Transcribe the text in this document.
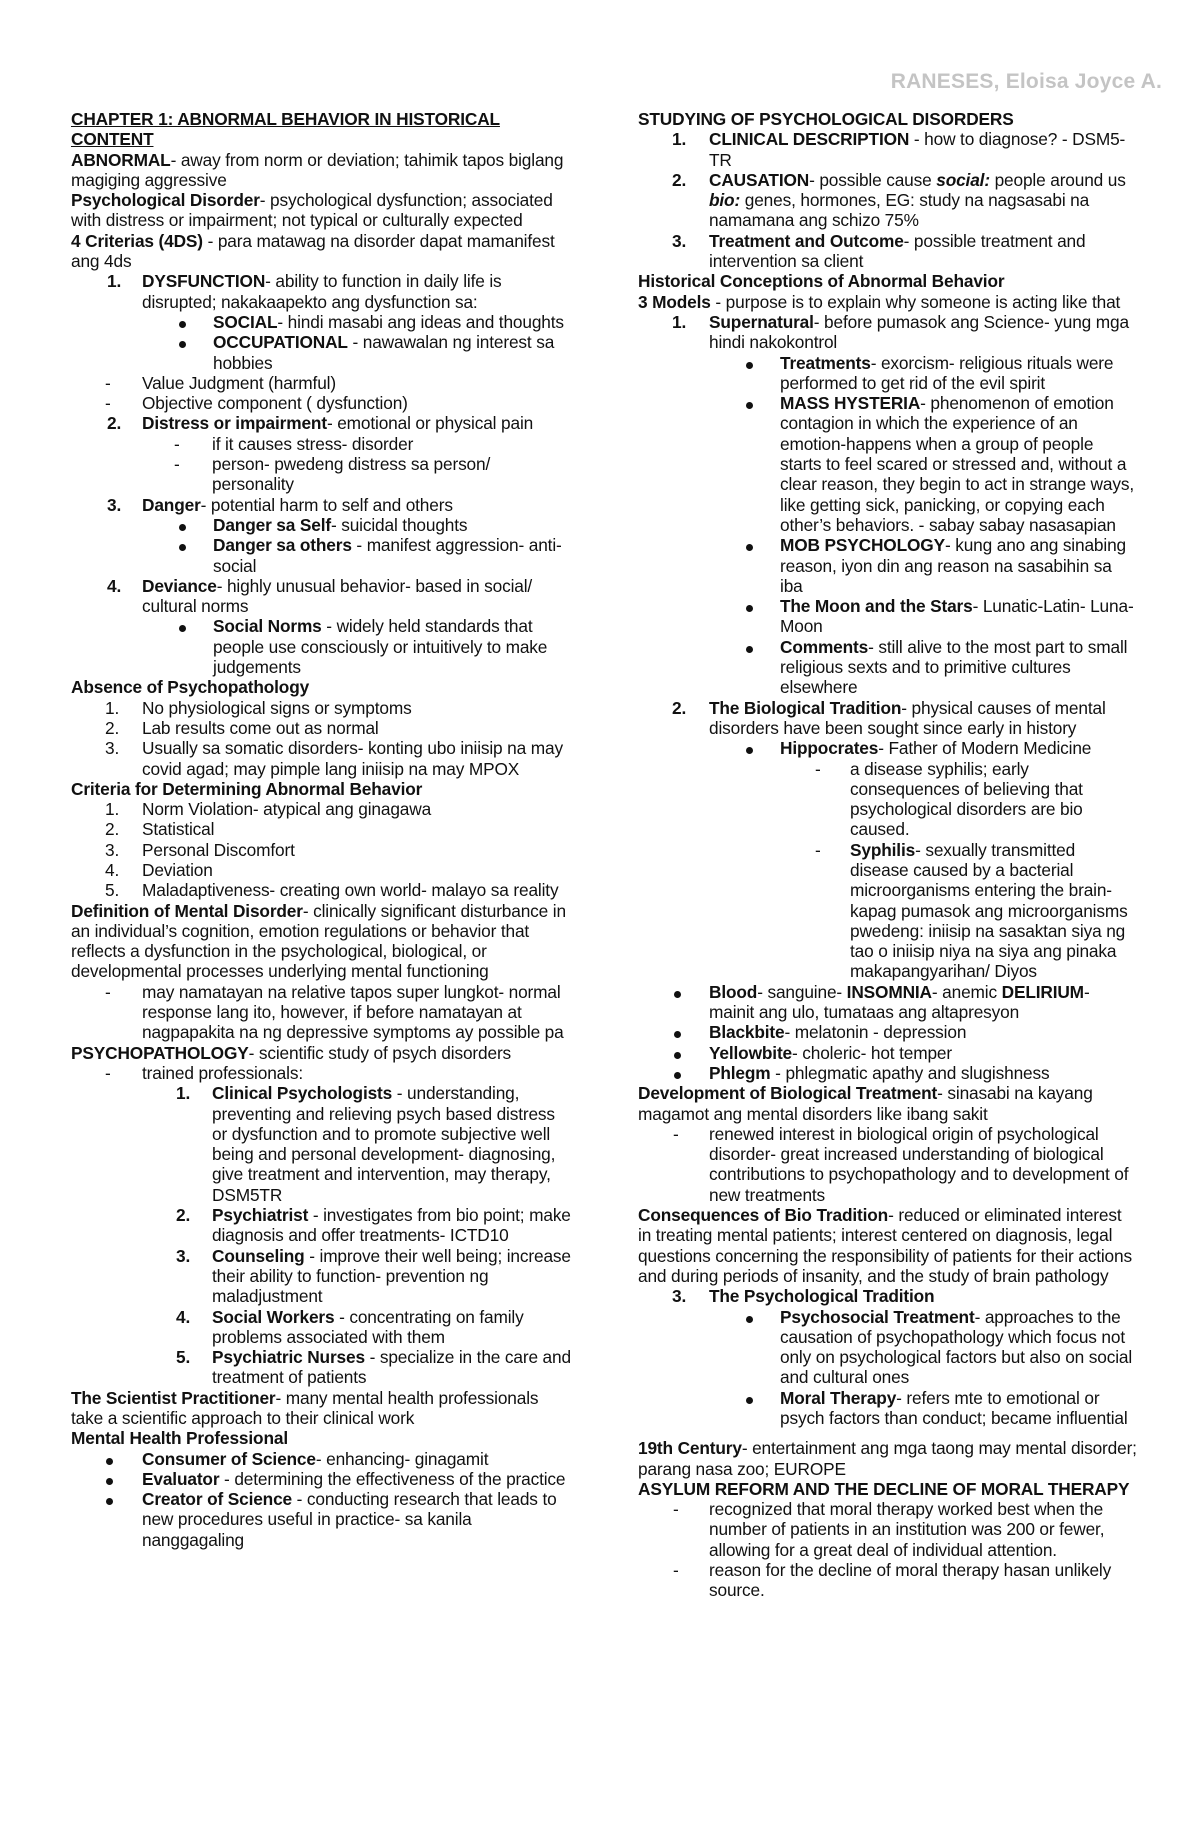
RANESES, Eloisa Joyce A.

CHAPTER 1: ABNORMAL BEHAVIOR IN HISTORICAL CONTENT

ABNORMAL- away from norm or deviation; tahimik tapos biglang magiging aggressive

Psychological Disorder- psychological dysfunction; associated with distress or impairment; not typical or culturally expected

4 Criterias (4DS) - para matawag na disorder dapat mamanifest ang 4ds

1.	DYSFUNCTION- ability to function in daily life is disrupted; nakakaapekto ang dysfunction sa:
SOCIAL- hindi masabi ang ideas and thoughts
OCCUPATIONAL - nawawalan ng interest sa hobbies
-	Value Judgment (harmful)
-	Objective component ( dysfunction)
2.	Distress or impairment- emotional or physical pain
-	if it causes stress- disorder
-	person- pwedeng distress sa person/ personality
3.	Danger- potential harm to self and others
Danger sa Self- suicidal thoughts
Danger sa others - manifest aggression- anti- social
4.	Deviance- highly unusual behavior- based in social/ cultural norms
Social Norms - widely held standards that people use consciously or intuitively to make judgements

Absence of Psychopathology

1.	No physiological signs or symptoms
2.	Lab results come out as normal
3.	Usually sa somatic disorders- konting ubo iniisip na may covid agad; may pimple lang iniisip na may MPOX

Criteria for Determining Abnormal Behavior

1.	Norm Violation- atypical ang ginagawa
2.	Statistical
3.	Personal Discomfort
4.	Deviation
5.	Maladaptiveness- creating own world- malayo sa reality

Definition of Mental Disorder- clinically significant disturbance in an individual’s cognition, emotion regulations or behavior that reflects a dysfunction in the psychological, biological, or developmental processes underlying mental functioning

-	may namatayan na relative tapos super lungkot- normal response lang ito, however, if before namatayan at nagpapakita na ng depressive symptoms ay possible pa

PSYCHOPATHOLOGY- scientific study of psych disorders

-	trained professionals:
1.	Clinical Psychologists - understanding, preventing and relieving psych based distress or dysfunction and to promote subjective well being and personal development- diagnosing, give treatment and intervention, may therapy, DSM5TR
2.	Psychiatrist - investigates from bio point; make diagnosis and offer treatments- ICTD10
3.	Counseling - improve their well being; increase their ability to function- prevention ng maladjustment
4.	Social Workers - concentrating on family problems associated with them
5.	Psychiatric Nurses - specialize in the care and treatment of patients

The Scientist Practitioner- many mental health professionals take a scientific approach to their clinical work

Mental Health Professional

Consumer of Science- enhancing- ginagamit
Evaluator - determining the effectiveness of the practice
Creator of Science - conducting research that leads to new procedures useful in practice- sa kanila nanggagaling

STUDYING OF PSYCHOLOGICAL DISORDERS

1.	CLINICAL DESCRIPTION - how to diagnose? - DSM5-TR
2.	CAUSATION- possible cause social: people around us bio: genes, hormones, EG: study na nagsasabi na namamana ang schizo 75%
3.	Treatment and Outcome- possible treatment and intervention sa client

Historical Conceptions of Abnormal Behavior

3 Models - purpose is to explain why someone is acting like that

1.	Supernatural- before pumasok ang Science- yung mga hindi nakokontrol
Treatments- exorcism- religious rituals were performed to get rid of the evil spirit
MASS HYSTERIA- phenomenon of emotion contagion in which the experience of an emotion-happens when a group of people starts to feel scared or stressed and, without a clear reason, they begin to act in strange ways, like getting sick, panicking, or copying each other’s behaviors. - sabay sabay nasasapian
MOB PSYCHOLOGY- kung ano ang sinabing reason, iyon din ang reason na sasabihin sa iba
The Moon and the Stars- Lunatic-Latin- Luna-Moon
Comments- still alive to the most part to small religious sexts and to primitive cultures elsewhere
2.	The Biological Tradition- physical causes of mental disorders have been sought since early in history
Hippocrates- Father of Modern Medicine
-	a disease syphilis; early consequences of believing that psychological disorders are bio caused.
-	Syphilis- sexually transmitted disease caused by a bacterial microorganisms entering the brain- kapag pumasok ang microorganisms pwedeng: iniisip na sasaktan siya ng tao o iniisip niya na siya ang pinaka makapangyarihan/ Diyos
Blood- sanguine- INSOMNIA- anemic DELIRIUM- mainit ang ulo, tumataas ang altapresyon
Blackbite- melatonin - depression
Yellowbite- choleric- hot temper
Phlegm - phlegmatic apathy and slugishness

Development of Biological Treatment- sinasabi na kayang magamot ang mental disorders like ibang sakit

-	renewed interest in biological origin of psychological disorder- great increased understanding of biological contributions to psychopathology and to development of new treatments

Consequences of Bio Tradition- reduced or eliminated interest in treating mental patients; interest centered on diagnosis, legal questions concerning the responsibility of patients for their actions and during periods of insanity, and the study of brain pathology

3.	The Psychological Tradition
Psychosocial Treatment- approaches to the causation of psychopathology which focus not only on psychological factors but also on social and cultural ones
Moral Therapy- refers mte to emotional or psych factors than conduct; became influential

19th Century- entertainment ang mga taong may mental disorder; parang nasa zoo; EUROPE

ASYLUM REFORM AND THE DECLINE OF MORAL THERAPY

-	recognized that moral therapy worked best when the number of patients in an institution was 200 or fewer, allowing for a great deal of individual attention.
-	reason for the decline of moral therapy hasan unlikely source.
